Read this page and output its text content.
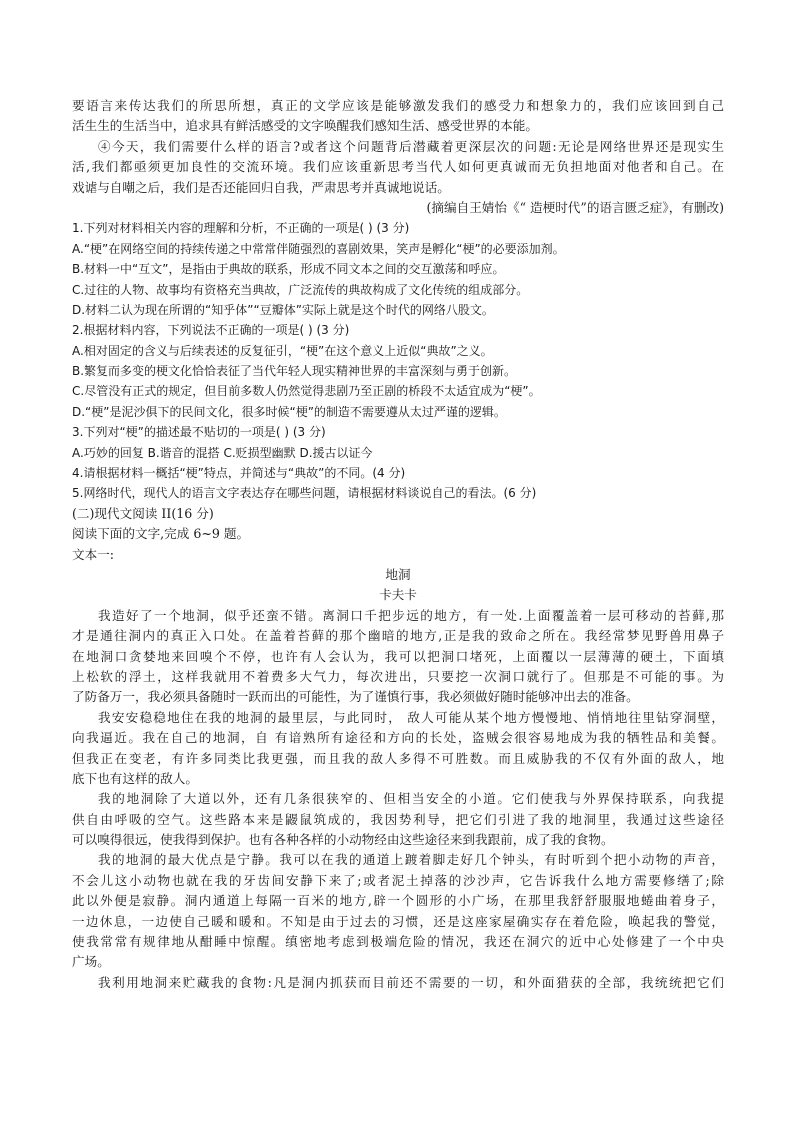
要语言来传达我们的所思所想，真正的文学应该是能够激发我们的感受力和想象力的，我们应该回到自己
活生生的生活当中，追求具有鲜活感受的文字唤醒我们感知生活、感受世界的本能。
④今天，我们需要什么样的语言?或者这个问题背后潜藏着更深层次的问题:无论是网络世界还是现实生
活,我们都亟须更加良性的交流环境。我们应该重新思考当代人如何更真诚而无负担地面对他者和自己。在
戏谑与自嘲之后，我们是否还能回归自我，严肃思考并真诚地说话。
(摘编自王婧怡《“ 造梗时代”的语言匮乏症》，有删改)
1.下列对材料相关内容的理解和分析，不正确的一项是( ) (3 分)
A.“梗”在网络空间的持续传递之中常常伴随强烈的喜剧效果，笑声是孵化“梗”的必要添加剂。
B.材料一中“互文”，是指由于典故的联系，形成不同文本之间的交互激荡和呼应。
C.过往的人物、故事均有资格充当典故，广泛流传的典故构成了文化传统的组成部分。
D.材料二认为现在所谓的“知乎体”“豆瓣体”实际上就是这个时代的网络八股文。
2.根据材料内容，下列说法不正确的一项是( ) (3 分)
A.相对固定的含义与后续表述的反复征引，“梗”在这个意义上近似“典故”之义。
B.繁复而多变的梗文化恰恰表征了当代年轻人现实精神世界的丰富深刻与勇于创新。
C.尽管没有正式的规定，但目前多数人仍然觉得悲剧乃至正剧的桥段不太适宜成为“梗”。
D.“梗”是泥沙俱下的民间文化，很多时候“梗”的制造不需要遵从太过严谨的逻辑。
3.下列对“梗”的描述最不贴切的一项是( ) (3 分)
A.巧妙的回复 B.谐音的混搭 C.贬损型幽默 D.援古以证今
4.请根据材料一概括“梗”特点，并简述与“典故”的不同。(4 分)
5.网络时代，现代人的语言文字表达存在哪些问题，请根据材料谈说自己的看法。(6 分)
(二)现代文阅读 II(16 分)
阅读下面的文字,完成 6~9 题。
文本一:
地洞
卡夫卡
我造好了一个地洞，似乎还蛮不错。离洞口千把步远的地方，有一处.上面覆盖着一层可移动的苔藓,那
才是通往洞内的真正入口处。在盖着苔藓的那个幽暗的地方,正是我的致命之所在。我经常梦见野兽用鼻子
在地洞口贪婪地来回嗅个不停，也许有人会认为，我可以把洞口堵死，上面覆以一层薄薄的硬土，下面填
上松软的浮土，这样我就用不着费多大气力，每次进出，只要挖一次洞口就行了。但那是不可能的事。为
了防备万一，我必须具备随时一跃而出的可能性，为了谨慎行事，我必须做好随时能够冲出去的准备。
我安安稳稳地住在我的地洞的最里层，与此同时， 敌人可能从某个地方慢慢地、悄悄地往里钻穿洞壁，
向我逼近。我在自己的地洞，自 有谙熟所有途径和方向的长处，盗贼会很容易地成为我的牺牲品和美餐。
但我正在变老，有许多同类比我更强，而且我的敌人多得不可胜数。而且威胁我的不仅有外面的敌人，地
底下也有这样的敌人。
我的地洞除了大道以外，还有几条很狭窄的、但相当安全的小道。它们使我与外界保持联系，向我提
供自由呼吸的空气。这些路本来是鼹鼠筑成的，我因势利导，把它们引进了我的地洞里，我通过这些途径
可以嗅得很远，使我得到保护。也有各种各样的小动物经由这些途径来到我跟前，成了我的食物。
我的地洞的最大优点是宁静。我可以在我的通道上踱着脚走好几个钟头，有时听到个把小动物的声音，
不会儿这小动物也就在我的牙齿间安静下来了;或者泥土掉落的沙沙声，它告诉我什么地方需要修缮了;除
此以外便是寂静。洞内通道上每隔一百米的地方,辟一个圆形的小广场，在那里我舒舒服服地蜷曲着身子，
一边休息，一边使自己暖和暖和。不知是由于过去的习惯，还是这座家屋确实存在着危险，唤起我的警觉，
使我常常有规律地从酣睡中惊醒。缜密地考虑到极端危险的情况，我还在洞穴的近中心处修建了一个中央
广场。
我利用地洞来贮藏我的食物:凡是洞内抓获而目前还不需要的一切，和外面猎获的全部，我统统把它们
